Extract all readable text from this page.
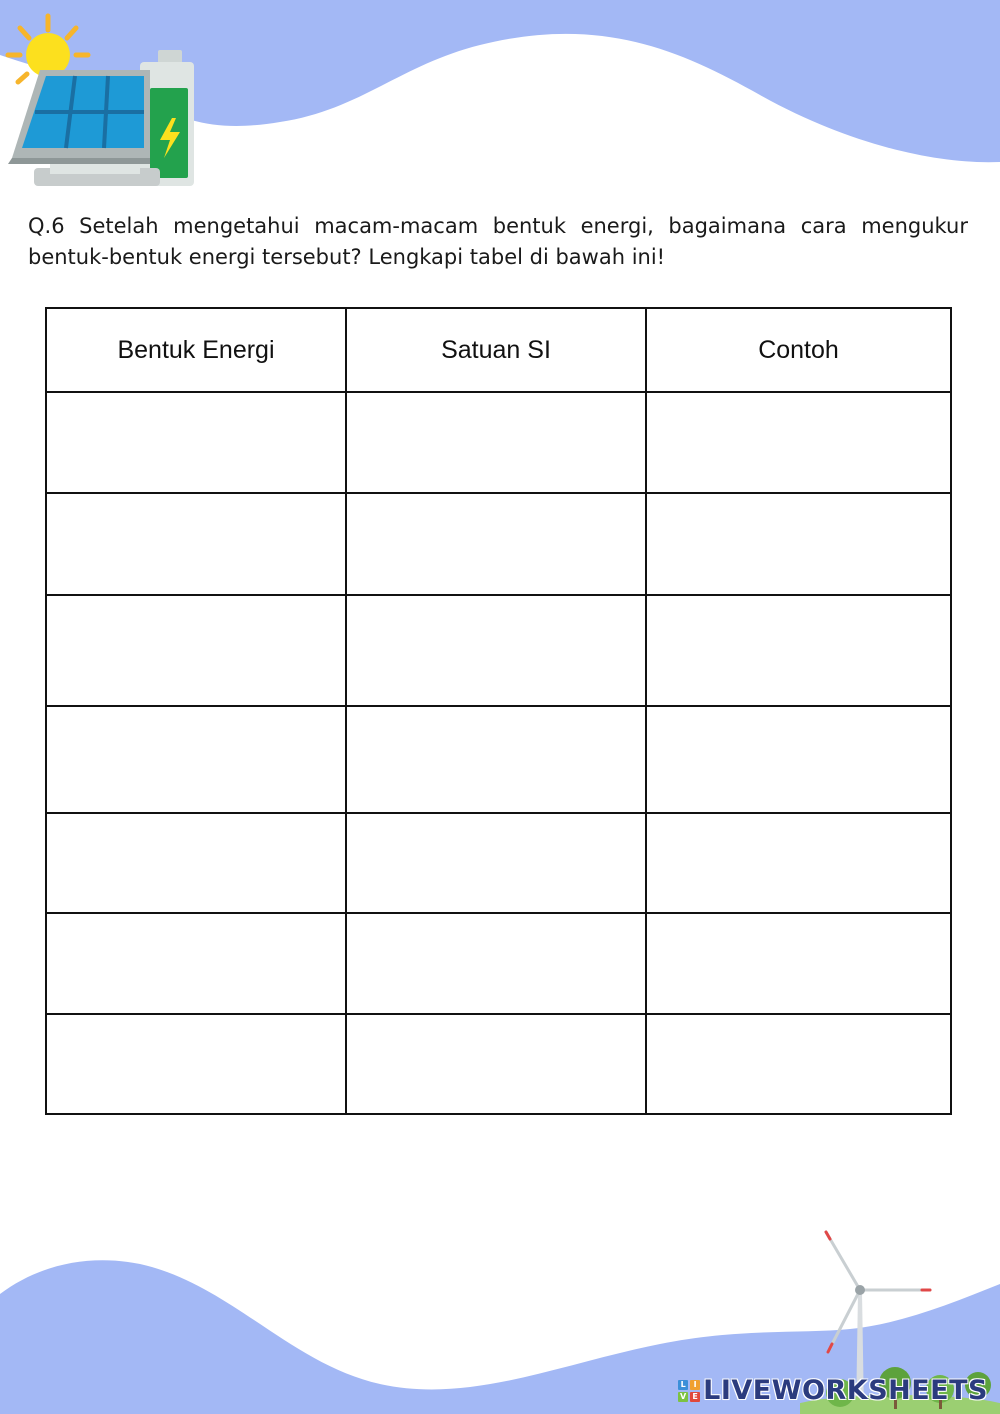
Q.6 Setelah mengetahui macam-macam bentuk energi, bagaimana cara mengukur bentuk-bentuk energi tersebut? Lengkapi tabel di bawah ini!

Bentuk Energi	Satuan SI	Contoh

L I
V E LIVEWORKSHEETS
